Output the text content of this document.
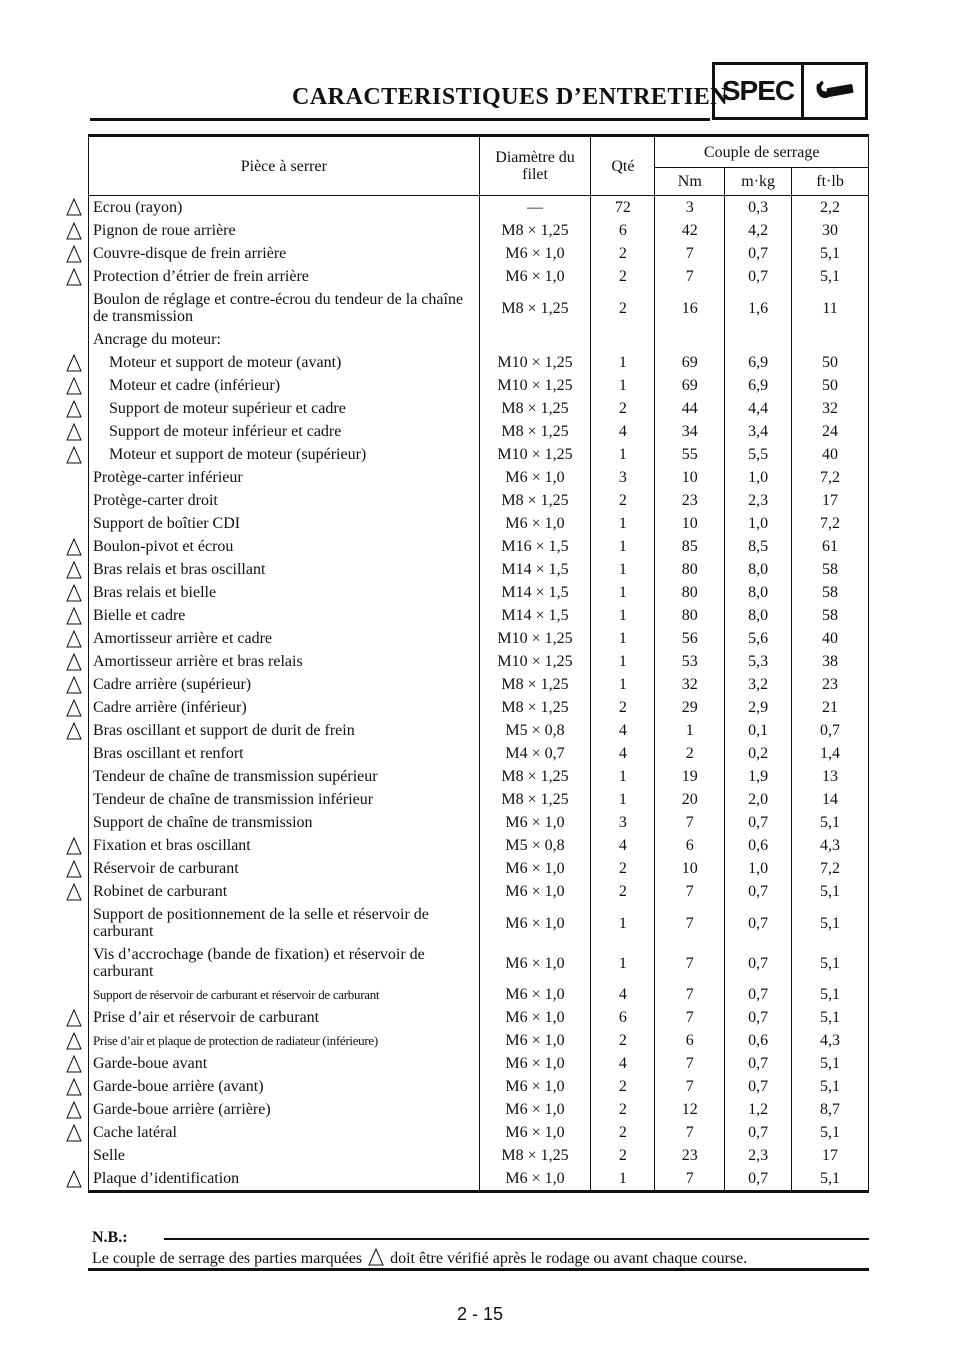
CARACTERISTIQUES D’ENTRETIEN
SPEC
Pièce à serrer	Diamètre du filet	Qté	Couple de serrage		
			Nm	m·kg	ft·lb
Ecrou (rayon)	—	72	3	0,3	2,2
Pignon de roue arrière	M8 × 1,25	6	42	4,2	30
Couvre-disque de frein arrière	M6 × 1,0	2	7	0,7	5,1
Protection d’étrier de frein arrière	M6 × 1,0	2	7	0,7	5,1
Boulon de réglage et contre-écrou du tendeur de la chaîne de transmission	M8 × 1,25	2	16	1,6	11
Ancrage du moteur:					
Moteur et support de moteur (avant)	M10 × 1,25	1	69	6,9	50
Moteur et cadre (inférieur)	M10 × 1,25	1	69	6,9	50
Support de moteur supérieur et cadre	M8 × 1,25	2	44	4,4	32
Support de moteur inférieur et cadre	M8 × 1,25	4	34	3,4	24
Moteur et support de moteur (supérieur)	M10 × 1,25	1	55	5,5	40
Protège-carter inférieur	M6 × 1,0	3	10	1,0	7,2
Protège-carter droit	M8 × 1,25	2	23	2,3	17
Support de boîtier CDI	M6 × 1,0	1	10	1,0	7,2
Boulon-pivot et écrou	M16 × 1,5	1	85	8,5	61
Bras relais et bras oscillant	M14 × 1,5	1	80	8,0	58
Bras relais et bielle	M14 × 1,5	1	80	8,0	58
Bielle et cadre	M14 × 1,5	1	80	8,0	58
Amortisseur arrière et cadre	M10 × 1,25	1	56	5,6	40
Amortisseur arrière et bras relais	M10 × 1,25	1	53	5,3	38
Cadre arrière (supérieur)	M8 × 1,25	1	32	3,2	23
Cadre arrière (inférieur)	M8 × 1,25	2	29	2,9	21
Bras oscillant et support de durit de frein	M5 × 0,8	4	1	0,1	0,7
Bras oscillant et renfort	M4 × 0,7	4	2	0,2	1,4
Tendeur de chaîne de transmission supérieur	M8 × 1,25	1	19	1,9	13
Tendeur de chaîne de transmission inférieur	M8 × 1,25	1	20	2,0	14
Support de chaîne de transmission	M6 × 1,0	3	7	0,7	5,1
Fixation et bras oscillant	M5 × 0,8	4	6	0,6	4,3
Réservoir de carburant	M6 × 1,0	2	10	1,0	7,2
Robinet de carburant	M6 × 1,0	2	7	0,7	5,1
Support de positionnement de la selle et réservoir de carburant	M6 × 1,0	1	7	0,7	5,1
Vis d’accrochage (bande de fixation) et réservoir de carburant	M6 × 1,0	1	7	0,7	5,1
Support de réservoir de carburant et réservoir de carburant	M6 × 1,0	4	7	0,7	5,1
Prise d’air et réservoir de carburant	M6 × 1,0	6	7	0,7	5,1
Prise d’air et plaque de protection de radiateur (inférieure)	M6 × 1,0	2	6	0,6	4,3
Garde-boue avant	M6 × 1,0	4	7	0,7	5,1
Garde-boue arrière (avant)	M6 × 1,0	2	7	0,7	5,1
Garde-boue arrière (arrière)	M6 × 1,0	2	12	1,2	8,7
Cache latéral	M6 × 1,0	2	7	0,7	5,1
Selle	M8 × 1,25	2	23	2,3	17
Plaque d’identification	M6 × 1,0	1	7	0,7	5,1
N.B.:
Le couple de serrage des parties marquées doit être vérifié après le rodage ou avant chaque course.
2 - 15
